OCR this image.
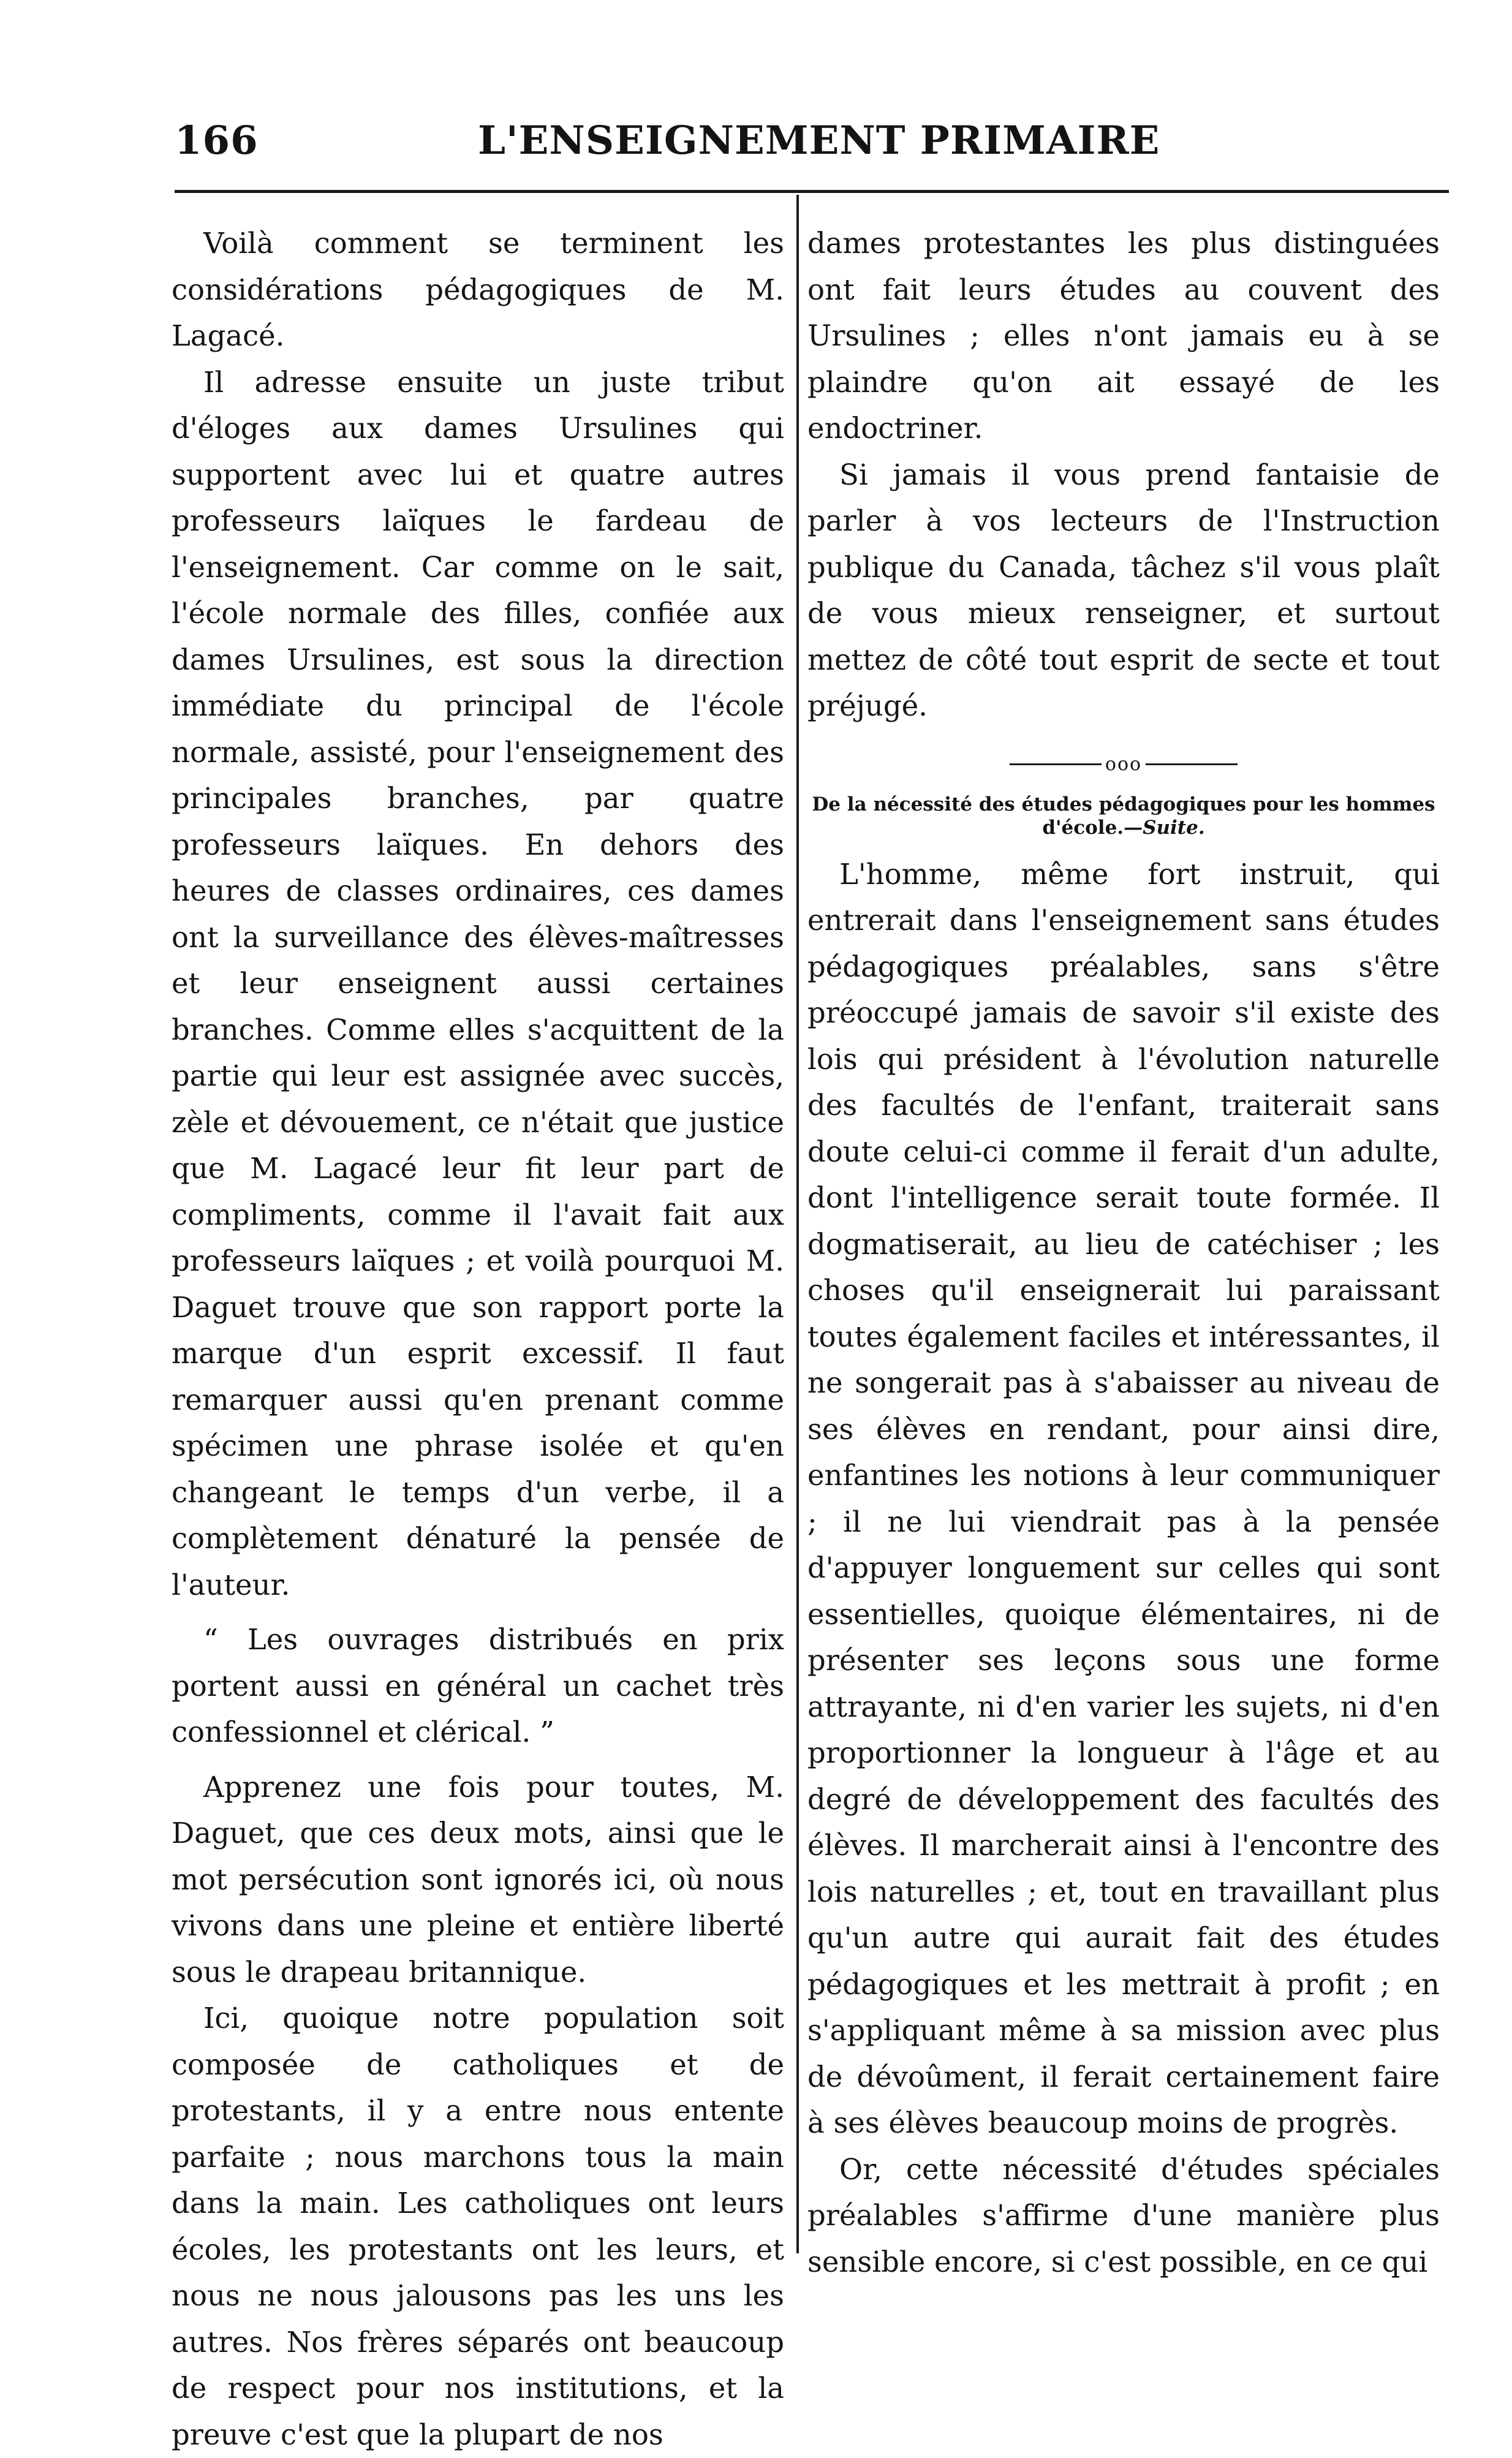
166	L'ENSEIGNEMENT PRIMAIRE

Voilà comment se terminent les considérations pédagogiques de M. Lagacé.

Il adresse ensuite un juste tribut d'éloges aux dames Ursulines qui supportent avec lui et quatre autres professeurs laïques le fardeau de l'enseignement. Car comme on le sait, l'école normale des filles, confiée aux dames Ursulines, est sous la direction immédiate du principal de l'école normale, assisté, pour l'enseignement des principales branches, par quatre professeurs laïques. En dehors des heures de classes ordinaires, ces dames ont la surveillance des élèves-maîtresses et leur enseignent aussi certaines branches. Comme elles s'acquittent de la partie qui leur est assignée avec succès, zèle et dévouement, ce n'était que justice que M. Lagacé leur fit leur part de compliments, comme il l'avait fait aux professeurs laïques ; et voilà pourquoi M. Daguet trouve que son rapport porte la marque d'un esprit excessif. Il faut remarquer aussi qu'en prenant comme spécimen une phrase isolée et qu'en changeant le temps d'un verbe, il a complètement dénaturé la pensée de l'auteur.

“ Les ouvrages distribués en prix portent aussi en général un cachet très confessionnel et clérical. ”

Apprenez une fois pour toutes, M. Daguet, que ces deux mots, ainsi que le mot persécution sont ignorés ici, où nous vivons dans une pleine et entière liberté sous le drapeau britannique.

Ici, quoique notre population soit composée de catholiques et de protestants, il y a entre nous entente parfaite ; nous marchons tous la main dans la main. Les catholiques ont leurs écoles, les protestants ont les leurs, et nous ne nous jalousons pas les uns les autres. Nos frères séparés ont beaucoup de respect pour nos institutions, et la preuve c'est que la plupart de nos

dames protestantes les plus distinguées ont fait leurs études au couvent des Ursulines ; elles n'ont jamais eu à se plaindre qu'on ait essayé de les endoctriner.

Si jamais il vous prend fantaisie de parler à vos lecteurs de l'Instruction publique du Canada, tâchez s'il vous plaît de vous mieux renseigner, et surtout mettez de côté tout esprit de secte et tout préjugé.

ooo
De la nécessité des études pédagogiques pour les hommes d'école.—Suite.

L'homme, même fort instruit, qui entrerait dans l'enseignement sans études pédagogiques préalables, sans s'être préoccupé jamais de savoir s'il existe des lois qui président à l'évolution naturelle des facultés de l'enfant, traiterait sans doute celui-ci comme il ferait d'un adulte, dont l'intelligence serait toute formée. Il dogmatiserait, au lieu de catéchiser ; les choses qu'il enseignerait lui paraissant toutes également faciles et intéressantes, il ne songerait pas à s'abaisser au niveau de ses élèves en rendant, pour ainsi dire, enfantines les notions à leur communiquer ; il ne lui viendrait pas à la pensée d'appuyer longuement sur celles qui sont essentielles, quoique élémentaires, ni de présenter ses leçons sous une forme attrayante, ni d'en varier les sujets, ni d'en proportionner la longueur à l'âge et au degré de développement des facultés des élèves. Il marcherait ainsi à l'encontre des lois naturelles ; et, tout en travaillant plus qu'un autre qui aurait fait des études pédagogiques et les mettrait à profit ; en s'appliquant même à sa mission avec plus de dévoûment, il ferait certainement faire à ses élèves beaucoup moins de progrès.

Or, cette nécessité d'études spéciales préalables s'affirme d'une manière plus sensible encore, si c'est possible, en ce qui
